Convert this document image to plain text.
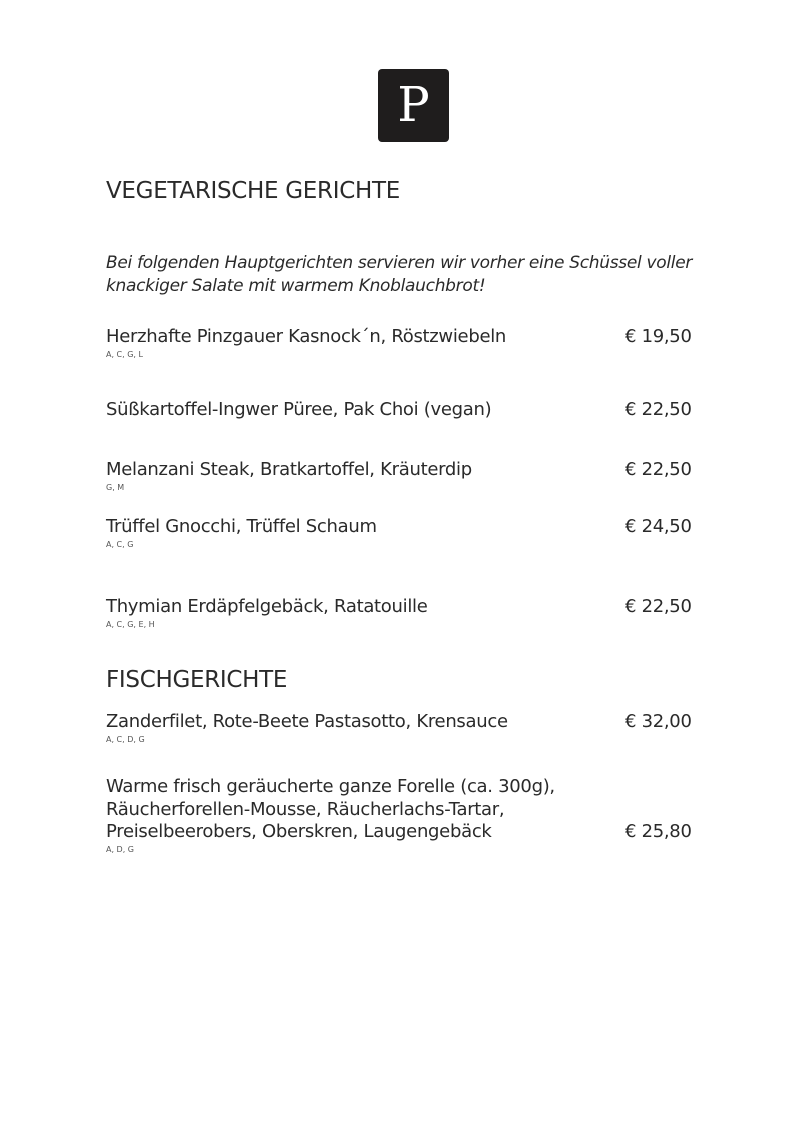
P
VEGETARISCHE GERICHTE
Bei folgenden Hauptgerichten servieren wir vorher eine Schüssel voller knackiger Salate mit warmem Knoblauchbrot!
Herzhafte Pinzgauer Kasnock´n, Röstzwiebeln
A, C, G, L
€ 19,50
Süßkartoffel-Ingwer Püree, Pak Choi (vegan)	€ 22,50
Melanzani Steak, Bratkartoffel, Kräuterdip
G, M
€ 22,50
Trüffel Gnocchi, Trüffel Schaum
A, C, G
€ 24,50
Thymian Erdäpfelgebäck, Ratatouille
A, C, G, E, H
€ 22,50
FISCHGERICHTE
Zanderfilet, Rote-Beete Pastasotto, Krensauce
A, C, D, G
€ 32,00
Warme frisch geräucherte ganze Forelle (ca. 300g),
Räucherforellen-Mousse, Räucherlachs-Tartar,
Preiselbeerobers, Oberskren, Laugengebäck
A, D, G
€ 25,80
